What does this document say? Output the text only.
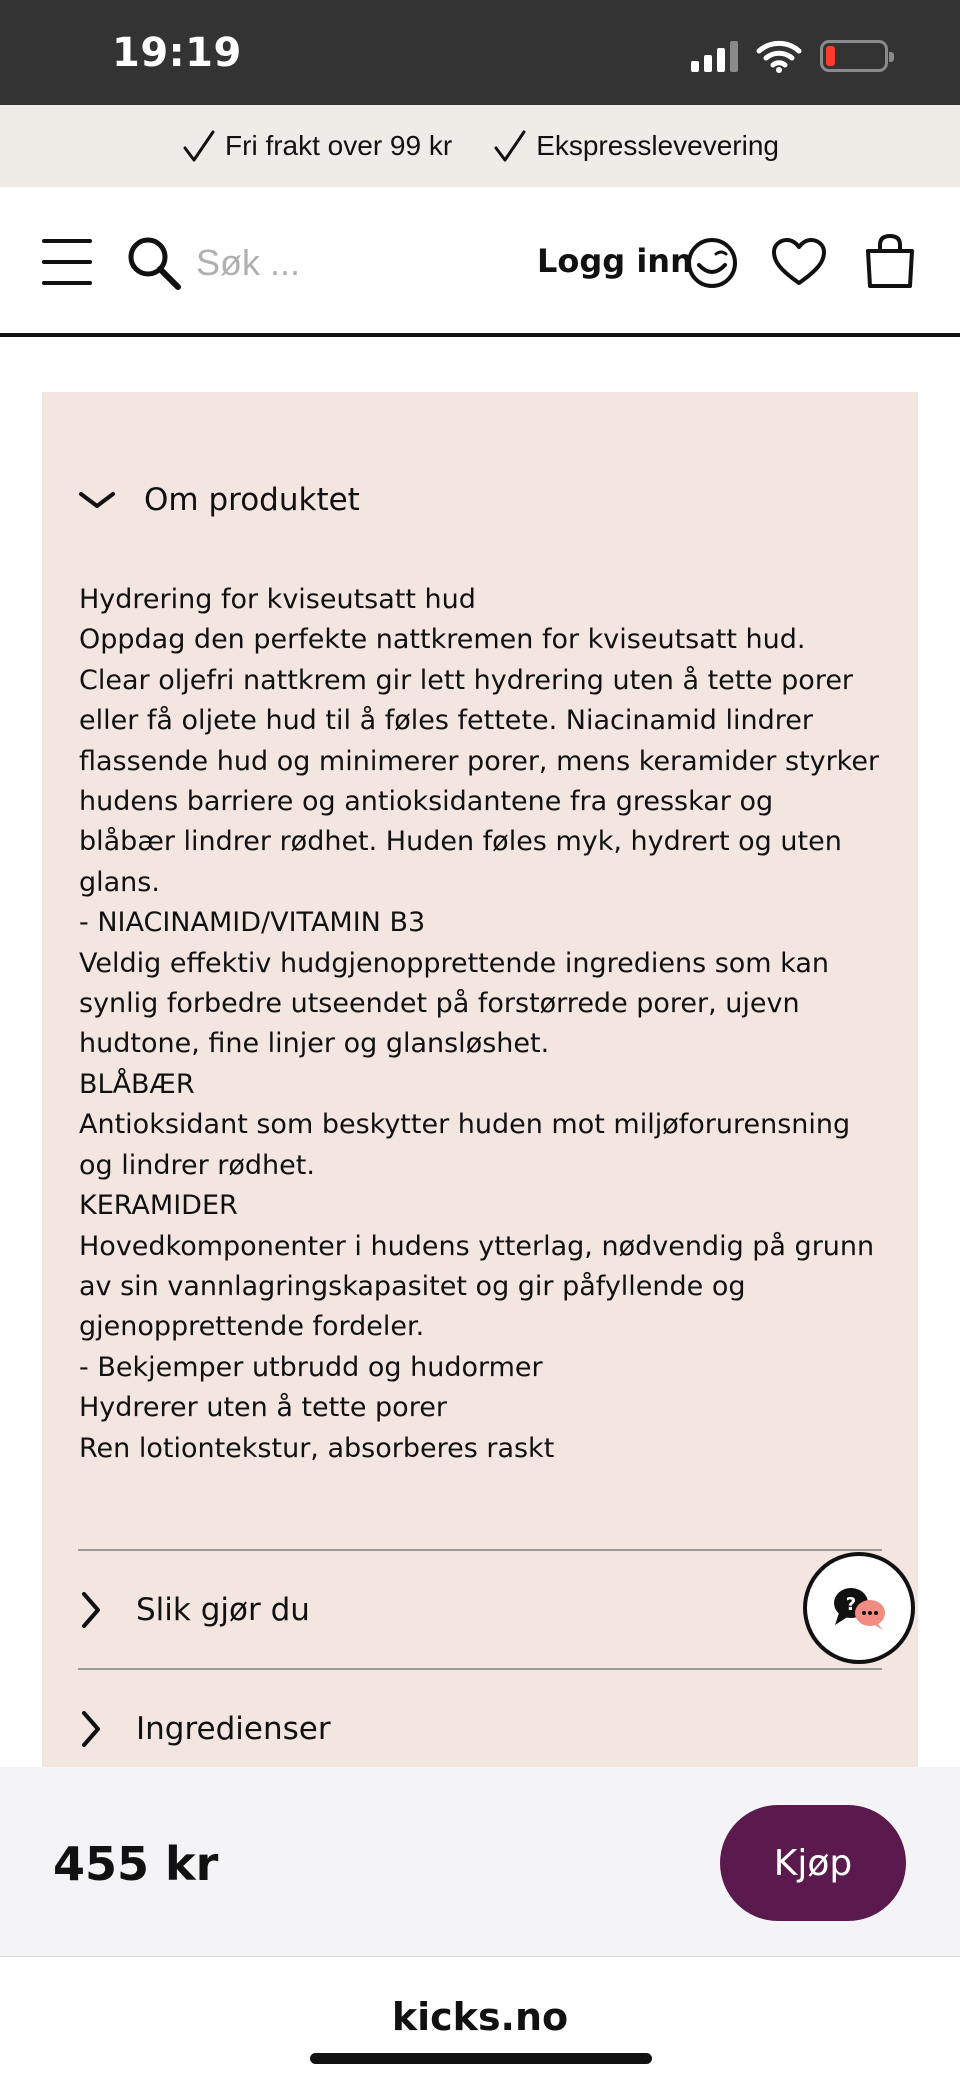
19:19
Fri frakt over 99 kr	Ekspresslevevering
Søk ...
Logg inn
Om produktet
Hydrering for kviseutsatt hud
Oppdag den perfekte nattkremen for kviseutsatt hud.
Clear oljefri nattkrem gir lett hydrering uten å tette porer
eller få oljete hud til å føles fettete. Niacinamid lindrer
flassende hud og minimerer porer, mens keramider styrker
hudens barriere og antioksidantene fra gresskar og
blåbær lindrer rødhet. Huden føles myk, hydrert og uten
glans.
- NIACINAMID/VITAMIN B3
Veldig effektiv hudgjenopprettende ingrediens som kan
synlig forbedre utseendet på forstørrede porer, ujevn
hudtone, fine linjer og glansløshet.
BLÅBÆR
Antioksidant som beskytter huden mot miljøforurensning
og lindrer rødhet.
KERAMIDER
Hovedkomponenter i hudens ytterlag, nødvendig på grunn
av sin vannlagringskapasitet og gir påfyllende og
gjenopprettende fordeler.
- Bekjemper utbrudd og hudormer
Hydrerer uten å tette porer
Ren lotiontekstur, absorberes raskt
Slik gjør du
Ingredienser
?
455 kr	Kjøp
kicks.no
